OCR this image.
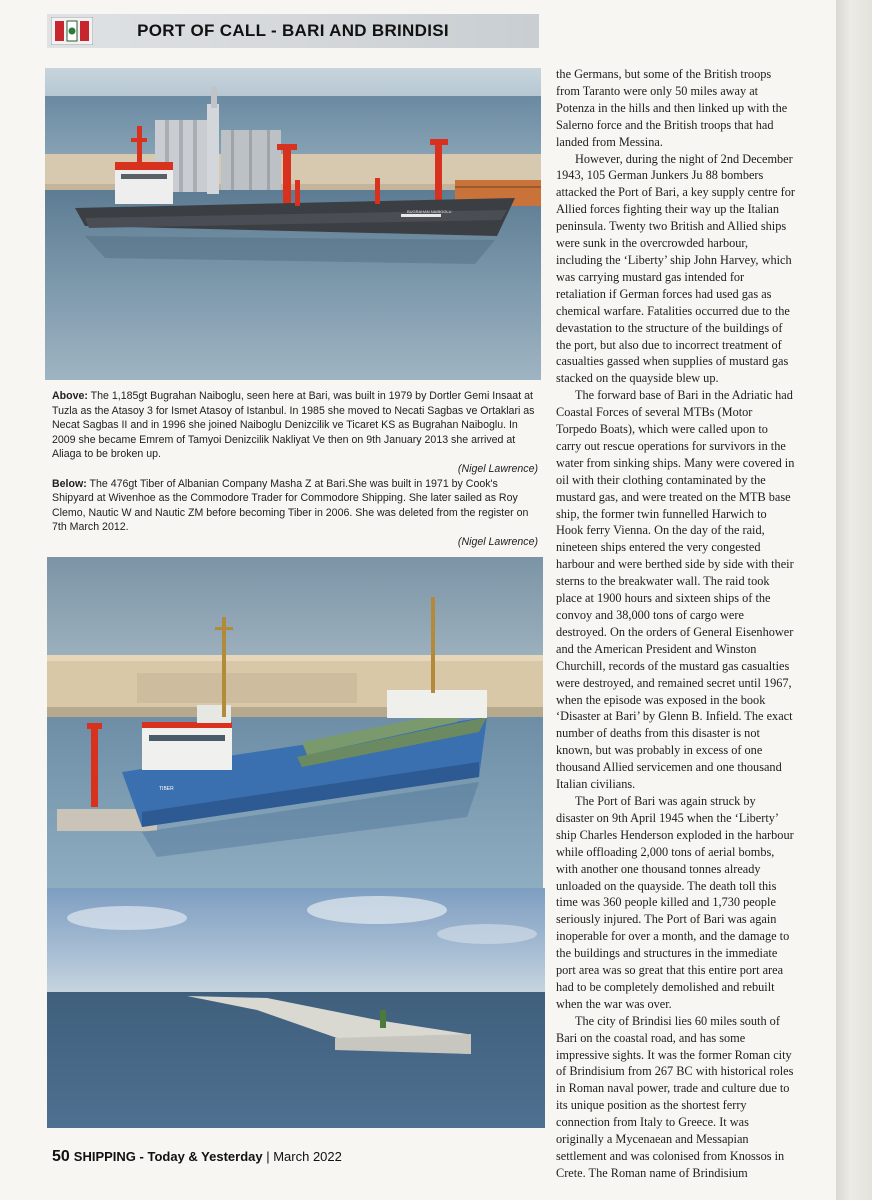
PORT OF CALL - BARI AND BRINDISI
BUGRAHAN NAIBOGLU

Above: The 1,185gt Bugrahan Naiboglu, seen here at Bari, was built in 1979 by Dortler Gemi Insaat at Tuzla as the Atasoy 3 for Ismet Atasoy of Istanbul. In 1985 she moved to Necati Sagbas ve Ortaklari as Necat Sagbas II and in 1996 she joined Naiboglu Denizcilik ve Ticaret KS as Bugrahan Naiboglu. In 2009 she became Emrem of Tamyoi Denizcilik Nakliyat Ve then on 9th January 2013 she arrived at Aliaga to be broken up.

(Nigel Lawrence)

Below: The 476gt Tiber of Albanian Company Masha Z at Bari.She was built in 1971 by Cook's Shipyard at Wivenhoe as the Commodore Trader for Commodore Shipping. She later sailed as Roy Clemo, Nautic W and Nautic ZM before becoming Tiber in 2006. She was deleted from the register on 7th March 2012.

(Nigel Lawrence)

TIBER

the Germans, but some of the British troops from Taranto were only 50 miles away at Potenza in the hills and then linked up with the Salerno force and the British troops that had landed from Messina.

However, during the night of 2nd December 1943, 105 German Junkers Ju 88 bombers attacked the Port of Bari, a key supply centre for Allied forces fighting their way up the Italian peninsula. Twenty two British and Allied ships were sunk in the overcrowded harbour, including the ‘Liberty’ ship John Harvey, which was carrying mustard gas intended for retaliation if German forces had used gas as chemical warfare. Fatalities occurred due to the devastation to the structure of the buildings of the port, but also due to incorrect treatment of casualties gassed when supplies of mustard gas stacked on the quayside blew up.

The forward base of Bari in the Adriatic had Coastal Forces of several MTBs (Motor Torpedo Boats), which were called upon to carry out rescue operations for survivors in the water from sinking ships. Many were covered in oil with their clothing contaminated by the mustard gas, and were treated on the MTB base ship, the former twin funnelled Harwich to Hook ferry Vienna. On the day of the raid, nineteen ships entered the very congested harbour and were berthed side by side with their sterns to the breakwater wall. The raid took place at 1900 hours and sixteen ships of the convoy and 38,000 tons of cargo were destroyed. On the orders of General Eisenhower and the American President and Winston Churchill, records of the mustard gas casualties were destroyed, and remained secret until 1967, when the episode was exposed in the book ‘Disaster at Bari’ by Glenn B. Infield. The exact number of deaths from this disaster is not known, but was probably in excess of one thousand Allied servicemen and one thousand Italian civilians.

The Port of Bari was again struck by disaster on 9th April 1945 when the ‘Liberty’ ship Charles Henderson exploded in the harbour while offloading 2,000 tons of aerial bombs, with another one thousand tonnes already unloaded on the quayside. The death toll this time was 360 people killed and 1,730 people seriously injured. The Port of Bari was again inoperable for over a month, and the damage to the buildings and structures in the immediate port area was so great that this entire port area had to be completely demolished and rebuilt when the war was over.

The city of Brindisi lies 60 miles south of Bari on the coastal road, and has some impressive sights. It was the former Roman city of Brindisium from 267 BC with historical roles in Roman naval power, trade and culture due to its unique position as the shortest ferry connection from Italy to Greece. It was originally a Mycenaean and Messapian settlement and was colonised from Knossos in Crete. The Roman name of Brindisium

50 SHIPPING - Today & Yesterday | March 2022
